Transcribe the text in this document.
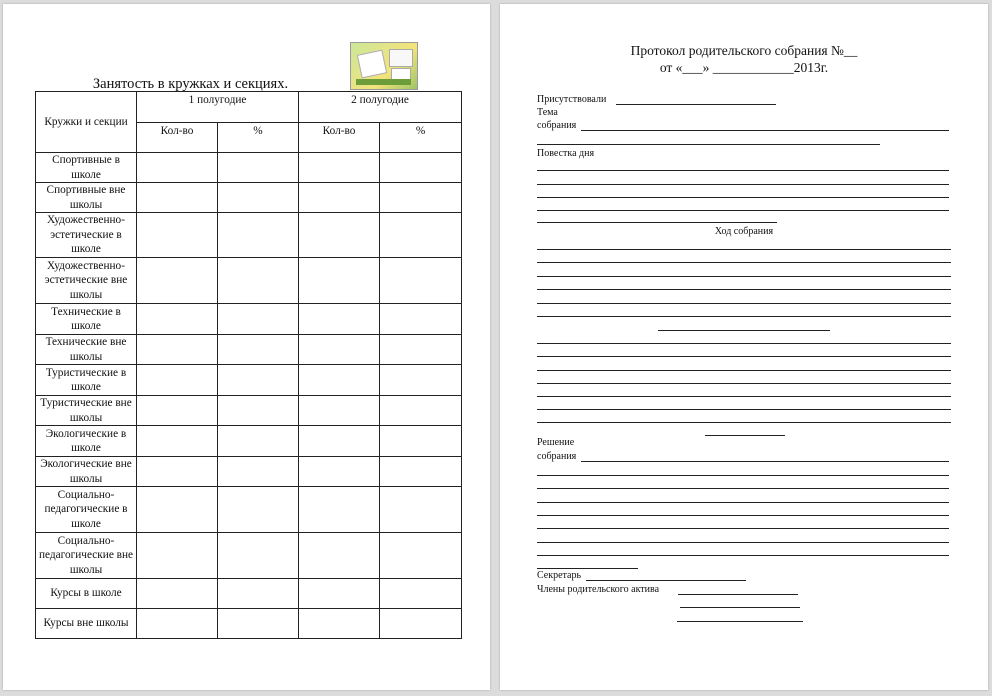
Занятость в кружках и секциях.
Кружки и секции	1 полугодие		2 полугодие	
	Кол-во	%	Кол-во	%
Спортивные в школе				
Спортивные вне школы				
Художественно-эстетические в школе				
Художественно-эстетические вне школы				
Технические в школе				
Технические вне школы				
Туристические в школе				
Туристические вне школы				
Экологические в школе				
Экологические вне школы				
Социально-педагогические в школе				
Социально-педагогические вне школы				
Курсы в школе				
Курсы вне школы				
Протокол родительского собрания №__
от «___» ____________2013г.
Присутствовали
Тема
собрания
Повестка дня
Ход собрания
Решение
собрания
Секретарь
Члены родительского актива
